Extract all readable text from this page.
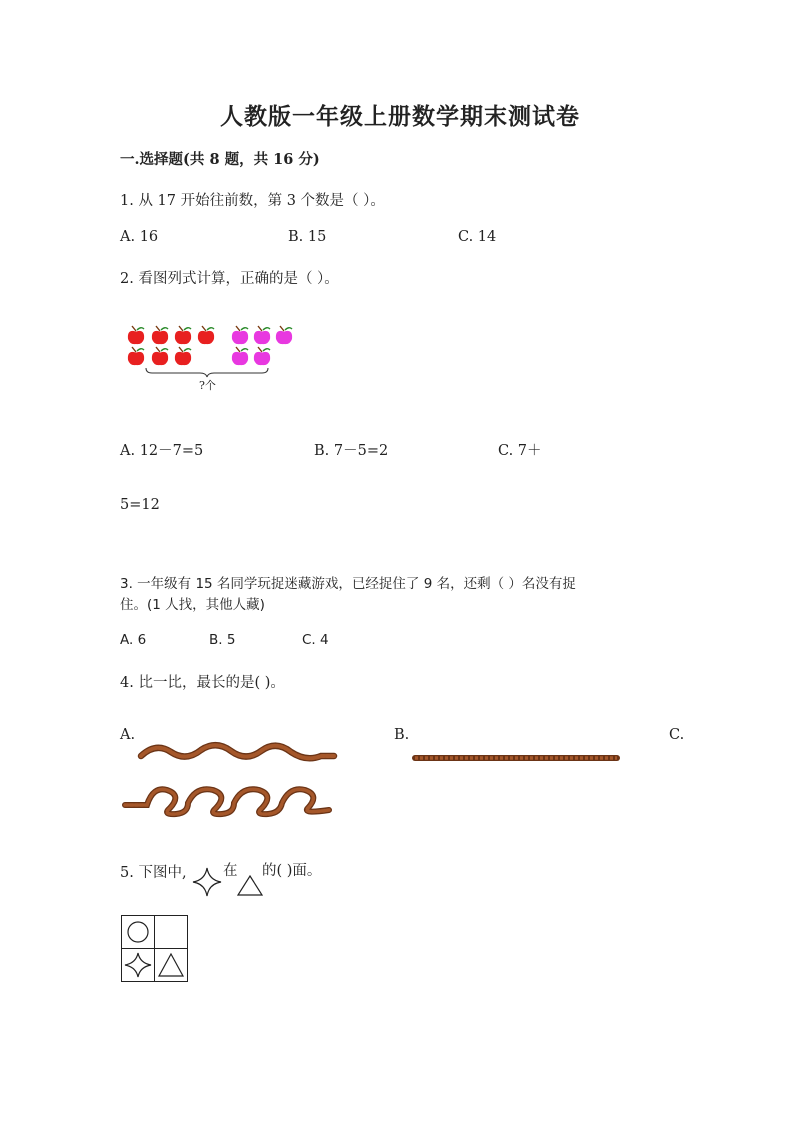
人教版一年级上册数学期末测试卷
一.选择题(共 8 题，共 16 分)
1. 从 17 开始往前数，第 3 个数是（ ）。
A. 16	B. 15	C. 14
2. 看图列式计算，正确的是（ ）。
?个
A. 12－7=5	B. 7－5=2	C. 7＋
5=12
3. 一年级有 15 名同学玩捉迷藏游戏，已经捉住了 9 名，还剩（ ）名没有捉
住。(1 人找，其他人藏)
A. 6	B. 5	C. 4
4. 比一比，最长的是( )。
A.	B.	C.
5. 下图中,	在 的( )面。
